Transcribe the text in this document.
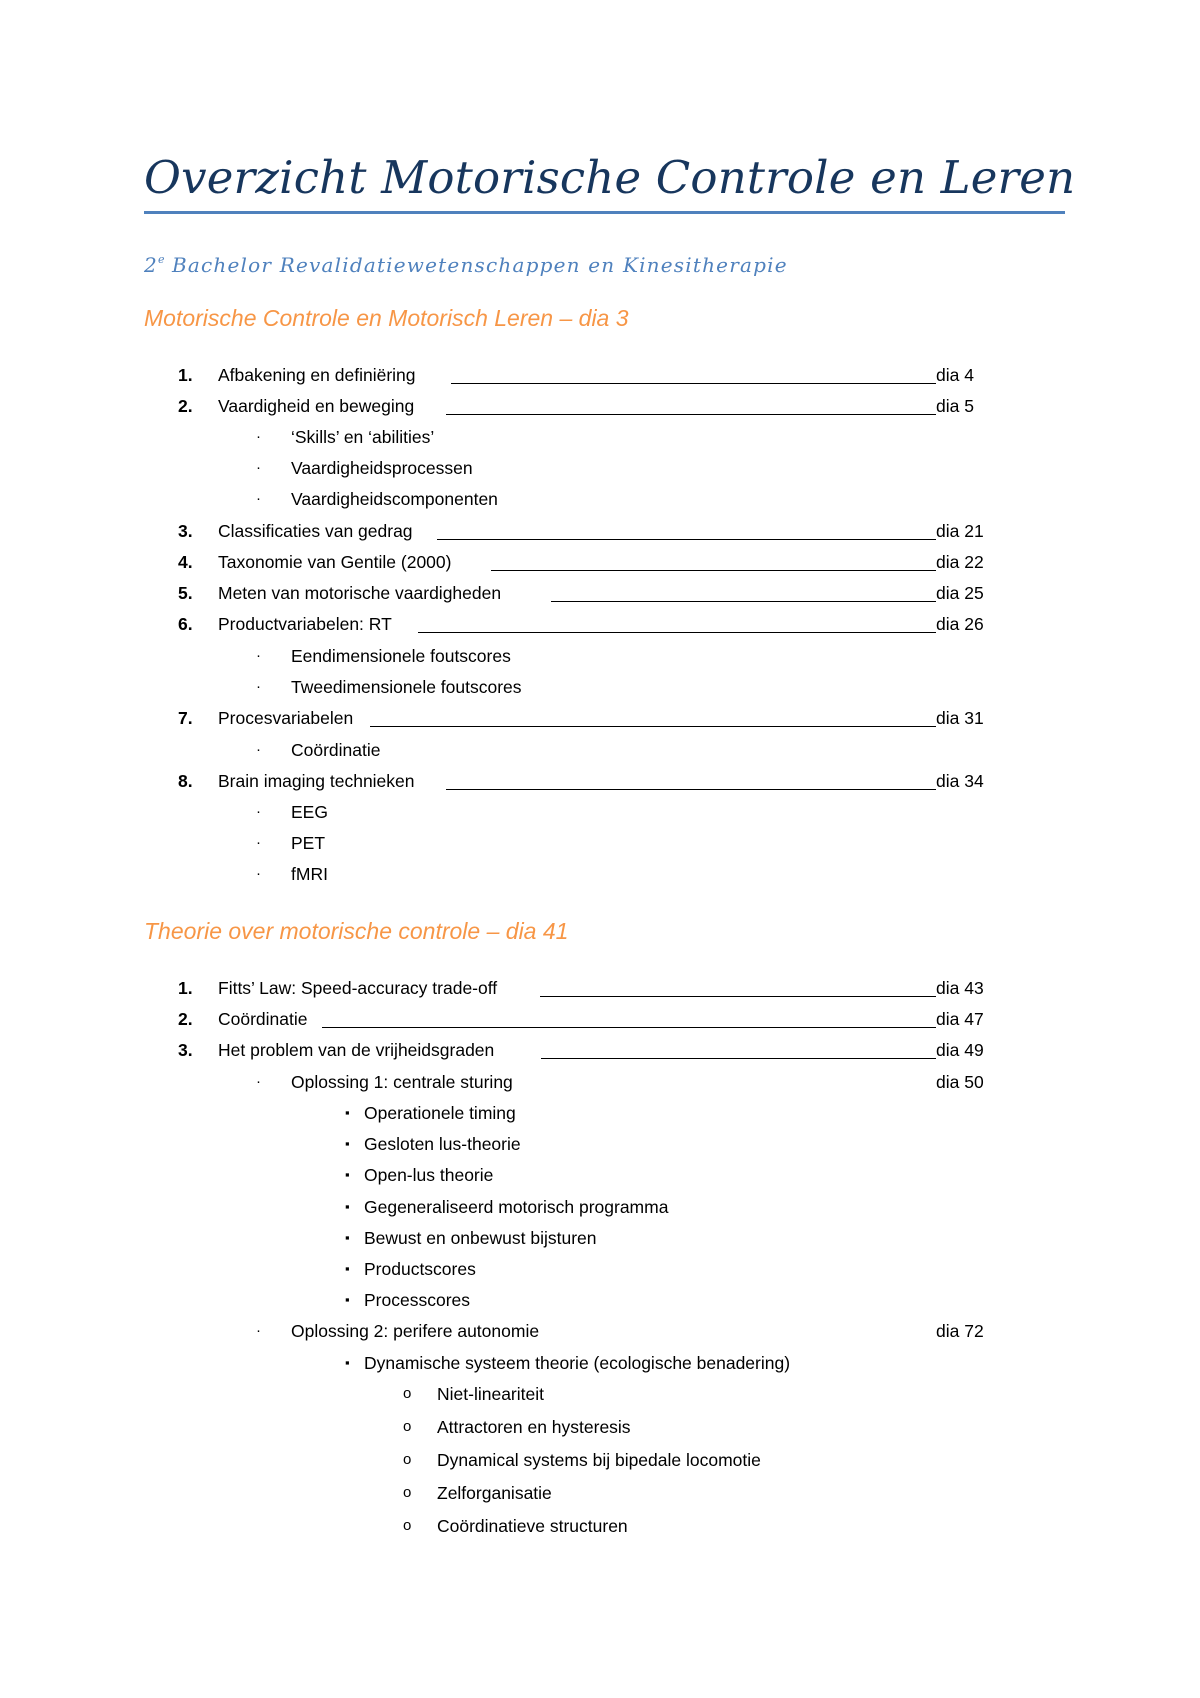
Overzicht Motorische Controle en Leren

2e Bachelor Revalidatiewetenschappen en Kinesitherapie

Motorische Controle en Motorisch Leren – dia 3
1.	Afbakening en definiëring	dia 4
2.	Vaardigheid en beweging	dia 5
· ‘Skills’ en ‘abilities’
· Vaardigheidsprocessen
· Vaardigheidscomponenten
3.	Classificaties van gedrag	dia 21
4.	Taxonomie van Gentile (2000)	dia 22
5.	Meten van motorische vaardigheden	dia 25
6.	Productvariabelen: RT	dia 26
· Eendimensionele foutscores
· Tweedimensionele foutscores
7.	Procesvariabelen	dia 31
· Coördinatie
8.	Brain imaging technieken	dia 34
· EEG
· PET
· fMRI
Theorie over motorische controle – dia 41
1.	Fitts’ Law: Speed-accuracy trade-off	dia 43
2.	Coördinatie	dia 47
3.	Het problem van de vrijheidsgraden	dia 49
· Oplossing 1: centrale sturing	dia 50
▪ Operationele timing
▪ Gesloten lus-theorie
▪ Open-lus theorie
▪ Gegeneraliseerd motorisch programma
▪ Bewust en onbewust bijsturen
▪ Productscores
▪ Processcores
· Oplossing 2: perifere autonomie	dia 72
▪ Dynamische systeem theorie (ecologische benadering)
o Niet-lineariteit
o Attractoren en hysteresis
o Dynamical systems bij bipedale locomotie
o Zelforganisatie
o Coördinatieve structuren
